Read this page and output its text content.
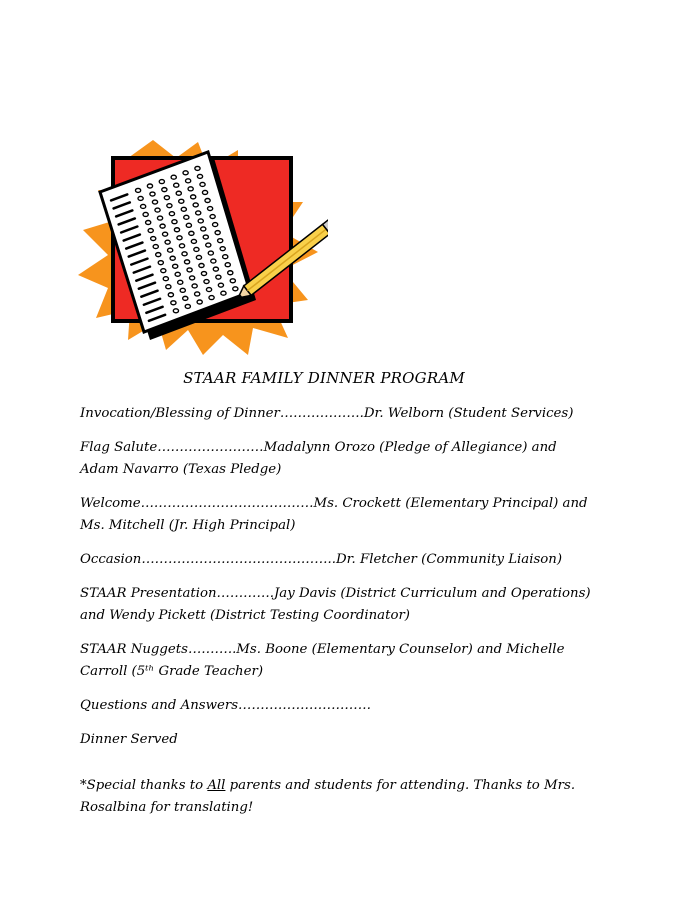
STAAR FAMILY DINNER PROGRAM
Invocation/Blessing of Dinner……………….Dr. Welborn (Student Services)
Flag Salute……………………Madalynn Orozo (Pledge of Allegiance) and Adam Navarro (Texas Pledge)
Welcome…………………………………Ms. Crockett (Elementary Principal) and Ms. Mitchell (Jr. High Principal)
Occasion……………………………………..Dr. Fletcher (Community Liaison)
STAAR Presentation………….Jay Davis (District Curriculum and Operations) and Wendy Pickett (District Testing Coordinator)
STAAR Nuggets………..Ms. Boone (Elementary Counselor) and Michelle Carroll (5ᵗʰ Grade Teacher)
Questions and Answers…………………………
Dinner Served
*Special thanks to All parents and students for attending. Thanks to Mrs. Rosalbina for translating!
